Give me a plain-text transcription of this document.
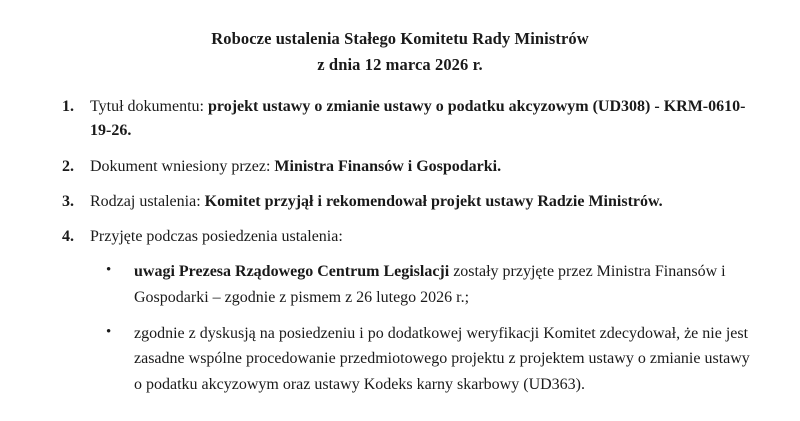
Robocze ustalenia Stałego Komitetu Rady Ministrów
z dnia 12 marca 2026 r.
1. Tytuł dokumentu: projekt ustawy o zmianie ustawy o podatku akcyzowym (UD308) - KRM-0610-19-26.
2. Dokument wniesiony przez: Ministra Finansów i Gospodarki.
3. Rodzaj ustalenia: Komitet przyjął i rekomendował projekt ustawy Radzie Ministrów.
4. Przyjęte podczas posiedzenia ustalenia:
• uwagi Prezesa Rządowego Centrum Legislacji zostały przyjęte przez Ministra Finansów i Gospodarki – zgodnie z pismem z 26 lutego 2026 r.;
• zgodnie z dyskusją na posiedzeniu i po dodatkowej weryfikacji Komitet zdecydował, że nie jest zasadne wspólne procedowanie przedmiotowego projektu z projektem ustawy o zmianie ustawy o podatku akcyzowym oraz ustawy Kodeks karny skarbowy (UD363).
